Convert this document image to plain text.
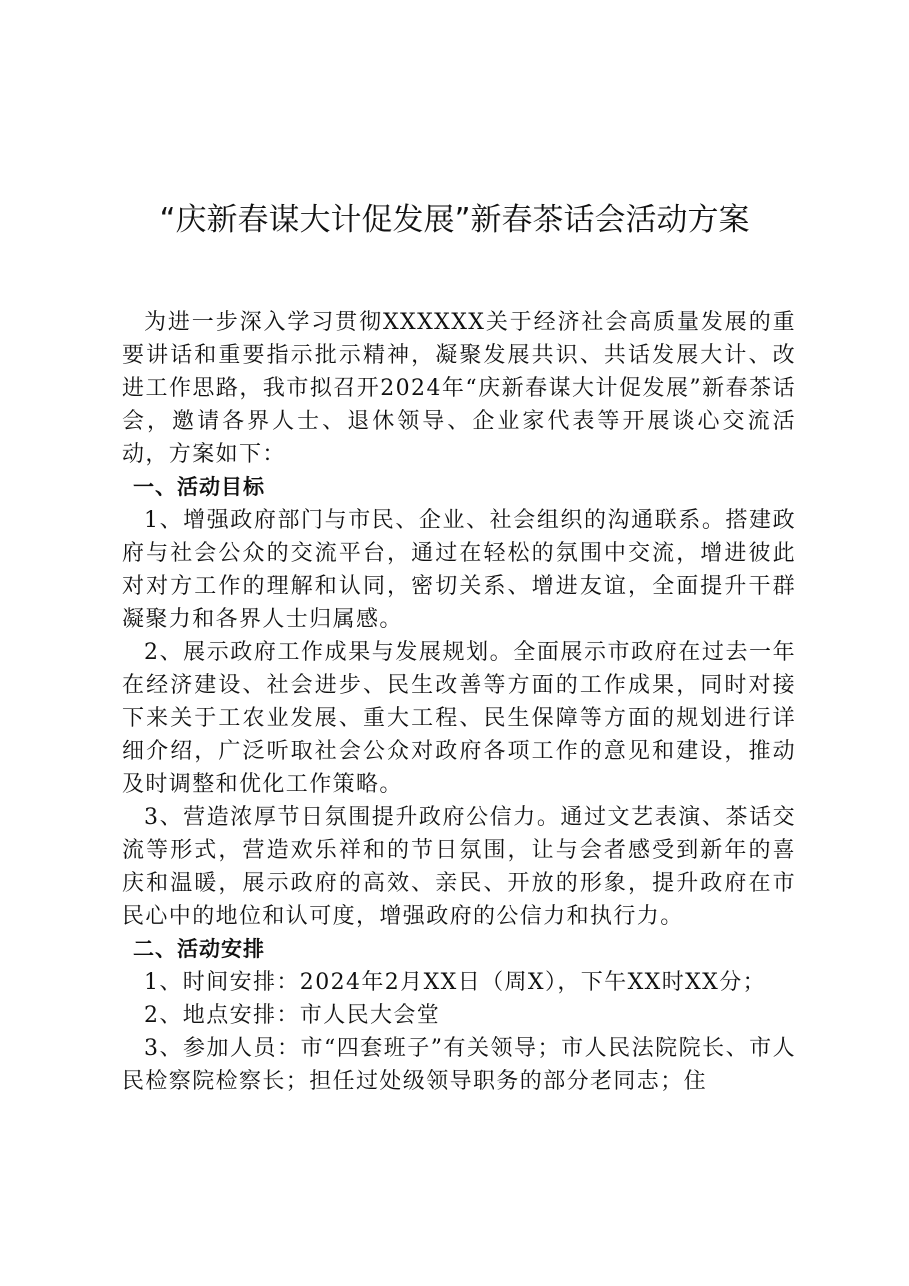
“庆新春谋大计促发展”新春茶话会活动方案

为进一步深入学习贯彻XXXXXX关于经济社会高质量发展的重要讲话和重要指示批示精神，凝聚发展共识、共话发展大计、改进工作思路，我市拟召开2024年“庆新春谋大计促发展”新春茶话会，邀请各界人士、退休领导、企业家代表等开展谈心交流活动，方案如下：

一、活动目标

1、增强政府部门与市民、企业、社会组织的沟通联系。搭建政府与社会公众的交流平台，通过在轻松的氛围中交流，增进彼此对对方工作的理解和认同，密切关系、增进友谊，全面提升干群凝聚力和各界人士归属感。

2、展示政府工作成果与发展规划。全面展示市政府在过去一年在经济建设、社会进步、民生改善等方面的工作成果，同时对接下来关于工农业发展、重大工程、民生保障等方面的规划进行详细介绍，广泛听取社会公众对政府各项工作的意见和建设，推动及时调整和优化工作策略。

3、营造浓厚节日氛围提升政府公信力。通过文艺表演、茶话交流等形式，营造欢乐祥和的节日氛围，让与会者感受到新年的喜庆和温暖，展示政府的高效、亲民、开放的形象，提升政府在市民心中的地位和认可度，增强政府的公信力和执行力。

二、活动安排

1、时间安排：2024年2月XX日（周X），下午XX时XX分；

2、地点安排：市人民大会堂

3、参加人员：市“四套班子”有关领导；市人民法院院长、市人民检察院检察长；担任过处级领导职务的部分老同志；住
